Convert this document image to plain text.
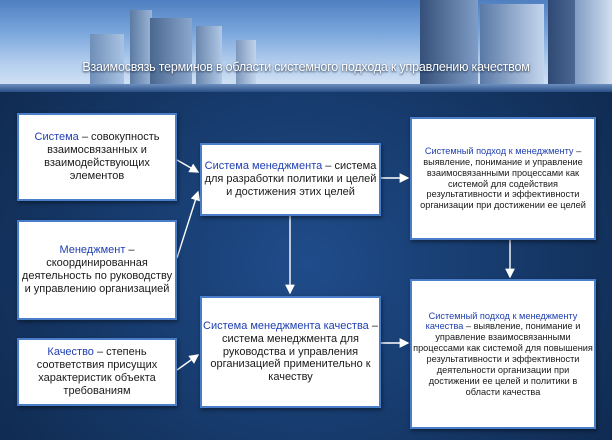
Взаимосвязь терминов в области системного подхода к управлению качеством

Система – совокупность взаимосвязанных и взаимодействующих элементов

Менеджмент – скоординированная деятельность по руководству и управлению организацией

Качество – степень соответствия присущих характеристик объекта требованиям

Система менеджмента – система для разработки политики и целей и достижения этих целей

Система менеджмента качества – система менеджмента для руководства и управления организацией применительно к качеству

Системный подход к менеджменту – выявление, понимание и управление взаимосвязанными процессами как системой для содействия результативности и эффективности организации при достижении ее целей

Системный подход к менеджменту качества – выявление, понимание и управление взаимосвязанными процессами как системой для повышения результативности и эффективности деятельности организации при достижении ее целей и политики в области качества
